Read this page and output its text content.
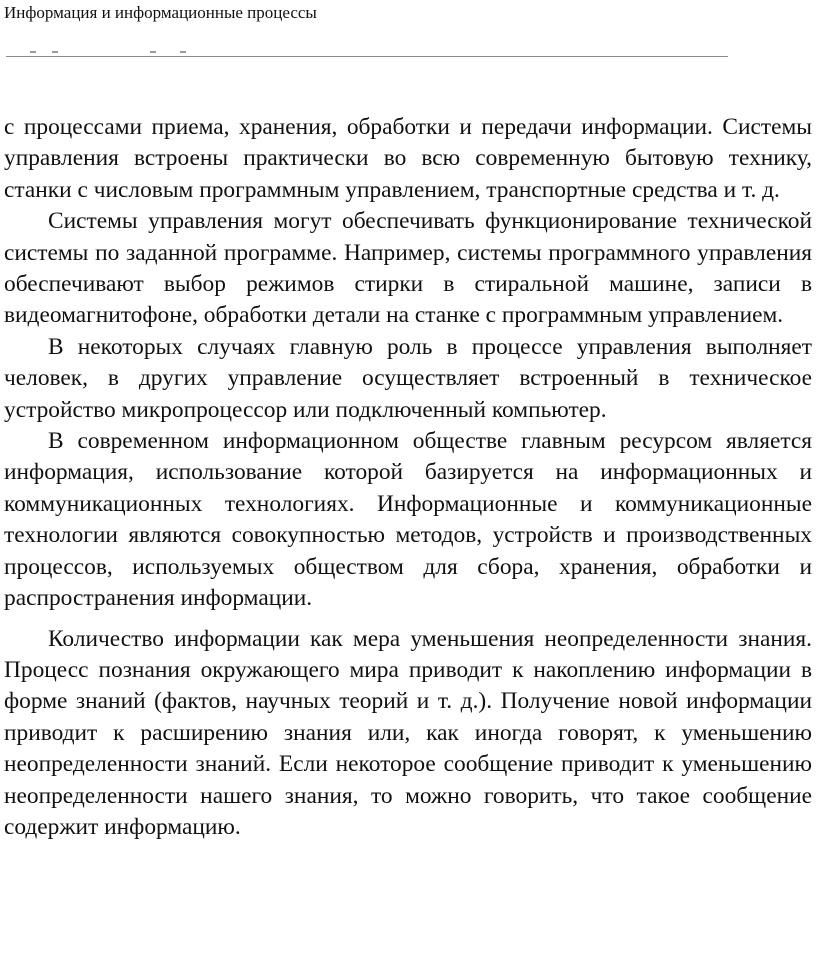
Информация и информационные процессы

с процессами приема, хранения, обработки и передачи информации. Системы управления встроены практически во всю современную бытовую технику, станки с числовым программным управлением, транспортные средства и т. д.

Системы управления могут обеспечивать функционирование технической системы по заданной программе. Например, системы программного управления обеспечивают выбор режимов стирки в стиральной машине, записи в видеомагнитофоне, обработки детали на станке с программным управлением.

В некоторых случаях главную роль в процессе управления выполняет человек, в других управление осуществляет встроенный в техническое устройство микропроцессор или подключенный компьютер.

В современном информационном обществе главным ресурсом является информация, использование которой базируется на информационных и коммуникационных технологиях. Информационные и коммуникационные технологии являются совокупностью методов, устройств и производственных процессов, используемых обществом для сбора, хранения, обработки и распространения информации.

Количество информации как мера уменьшения неопределенности знания. Процесс познания окружающего мира приводит к накоплению информации в форме знаний (фактов, научных теорий и т. д.). Получение новой информации приводит к расширению знания или, как иногда говорят, к уменьшению неопределенности знаний. Если некоторое сообщение приводит к уменьшению неопределенности нашего знания, то можно говорить, что такое сообщение содержит информацию.
